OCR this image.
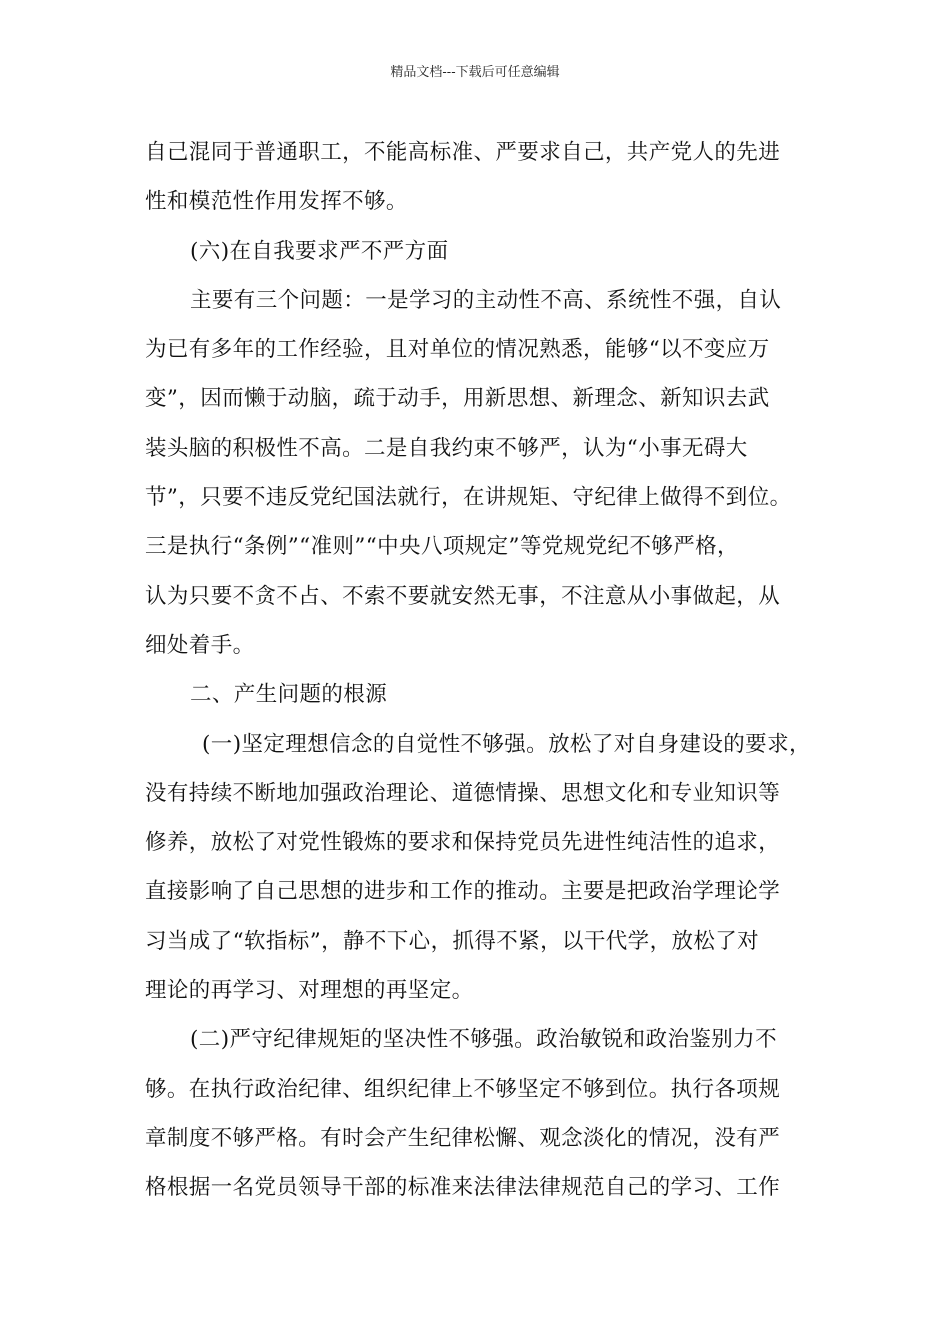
精品文档---下载后可任意编辑
自己混同于普通职工，不能高标准、严要求自己，共产党人的先进
性和模范性作用发挥不够。
(六)在自我要求严不严方面
主要有三个问题：一是学习的主动性不高、系统性不强，自认
为已有多年的工作经验，且对单位的情况熟悉，能够“以不变应万
变”，因而懒于动脑，疏于动手，用新思想、新理念、新知识去武
装头脑的积极性不高。二是自我约束不够严，认为“小事无碍大
节”，只要不违反党纪国法就行，在讲规矩、守纪律上做得不到位。
三是执行“条例”“准则”“中央八项规定”等党规党纪不够严格，
认为只要不贪不占、不索不要就安然无事，不注意从小事做起，从
细处着手。
二、产生问题的根源
(一)坚定理想信念的自觉性不够强。放松了对自身建设的要求，
没有持续不断地加强政治理论、道德情操、思想文化和专业知识等
修养，放松了对党性锻炼的要求和保持党员先进性纯洁性的追求，
直接影响了自己思想的进步和工作的推动。主要是把政治学理论学
习当成了“软指标”，静不下心，抓得不紧，以干代学，放松了对
理论的再学习、对理想的再坚定。
(二)严守纪律规矩的坚决性不够强。政治敏锐和政治鉴别力不
够。在执行政治纪律、组织纪律上不够坚定不够到位。执行各项规
章制度不够严格。有时会产生纪律松懈、观念淡化的情况，没有严
格根据一名党员领导干部的标准来法律法律规范自己的学习、工作
